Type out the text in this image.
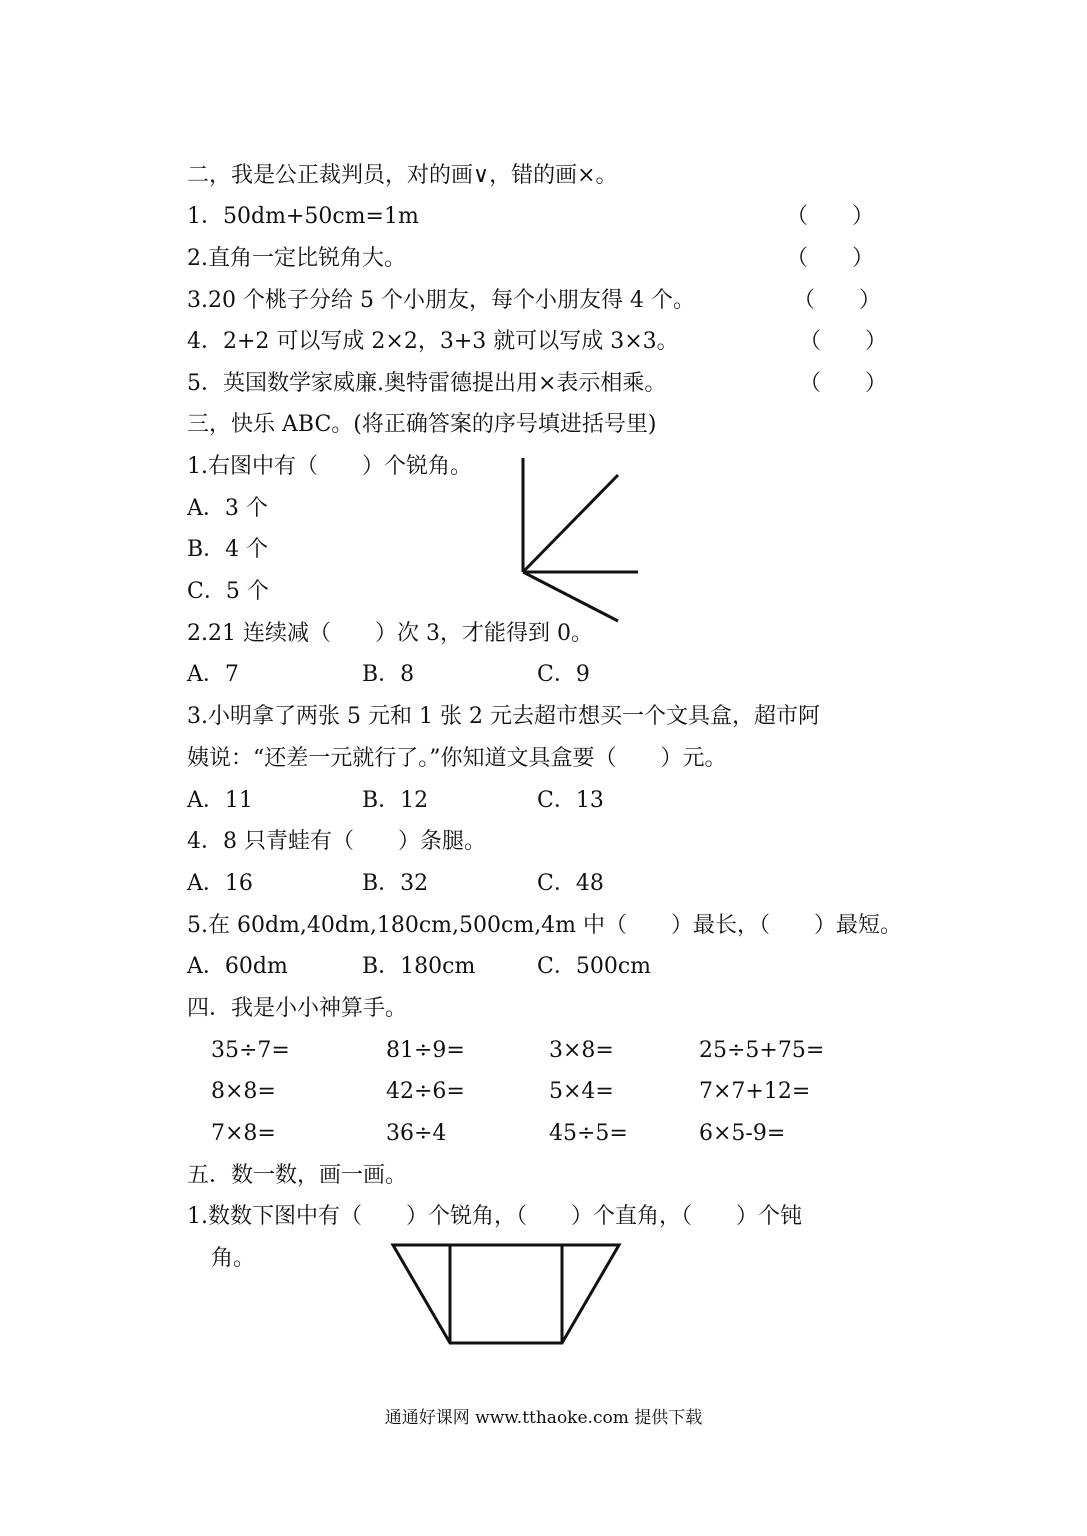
二，我是公正裁判员，对的画∨，错的画×。
1．50dm+50cm=1m	（　　）
2.直角一定比锐角大。	（　　）
3.20 个桃子分给 5 个小朋友，每个小朋友得 4 个。	（　　）
4．2+2 可以写成 2×2，3+3 就可以写成 3×3。	（　　）
5．英国数学家威廉.奥特雷德提出用×表示相乘。	（　　）
三，快乐 ABC。(将正确答案的序号填进括号里)
1.右图中有（　　）个锐角。
A．3 个
B．4 个
C．5 个
2.21 连续减（　　）次 3，才能得到 0。
A．7	B．8	C．9
3.小明拿了两张 5 元和 1 张 2 元去超市想买一个文具盒，超市阿
姨说：“还差一元就行了。”你知道文具盒要（　　）元。
A．11	B．12	C．13
4．8 只青蛙有（　　）条腿。
A．16	B．32	C．48
5.在 60dm,40dm,180cm,500cm,4m 中（　　）最长，（　　）最短。
A．60dm	B．180cm	C．500cm
四．我是小小神算手。
35÷7=	81÷9=	3×8=	25÷5+75=
8×8=	42÷6=	5×4=	7×7+12=
7×8=	36÷4	45÷5=	6×5-9=
五．数一数，画一画。
1.数数下图中有（　　）个锐角，（　　）个直角，（　　）个钝
角。
通通好课网 www.tthaoke.com 提供下载
